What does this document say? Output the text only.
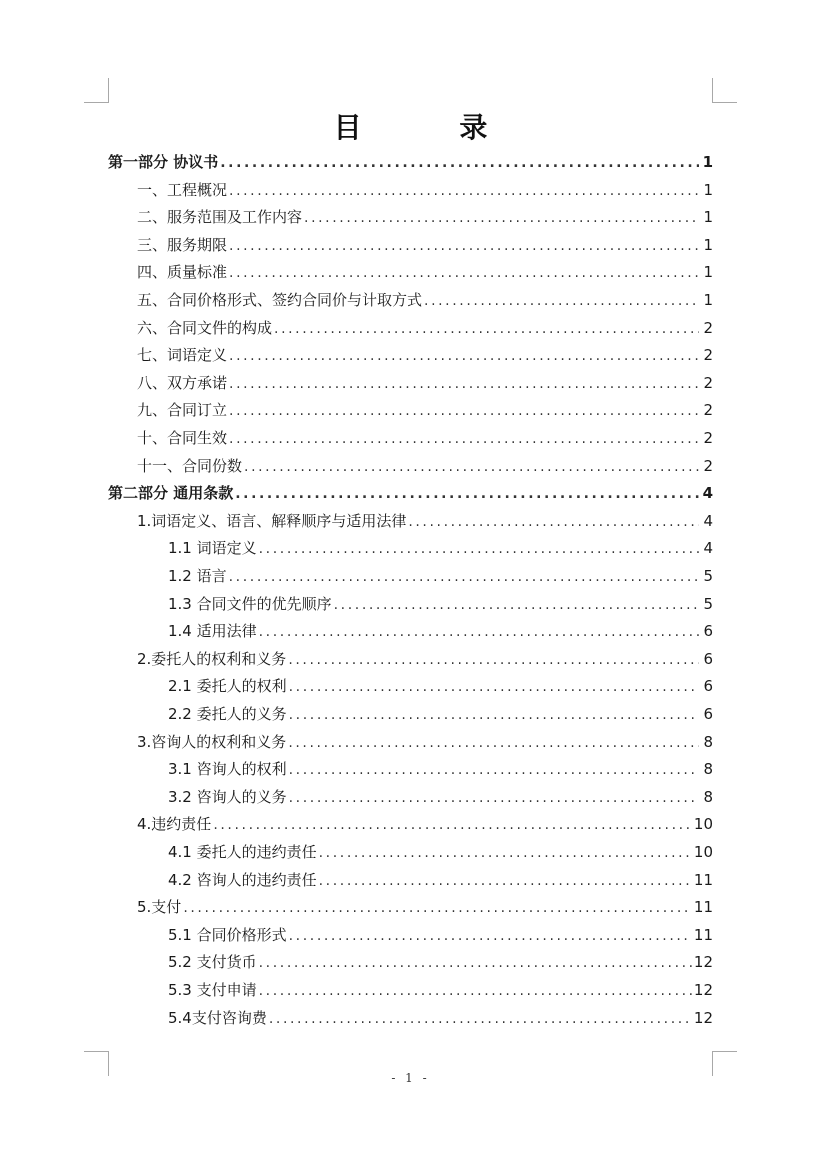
目 录
第一部分 协议书 .....	1
一、工程概况 .....	1
二、服务范围及工作内容 .....	1
三、服务期限 .....	1
四、质量标准 .....	1
五、合同价格形式、签约合同价与计取方式 .....	1
六、合同文件的构成 .....	2
七、词语定义 .....	2
八、双方承诺 .....	2
九、合同订立 .....	2
十、合同生效 .....	2
十一、合同份数 .....	2
第二部分 通用条款 .....	4
1.词语定义、语言、解释顺序与适用法律 .....	4
1.1 词语定义 .....	4
1.2 语言 .....	5
1.3 合同文件的优先顺序 .....	5
1.4 适用法律 .....	6
2.委托人的权利和义务 .....	6
2.1 委托人的权利 .....	6
2.2 委托人的义务 .....	6
3.咨询人的权利和义务 .....	8
3.1 咨询人的权利 .....	8
3.2 咨询人的义务 .....	8
4.违约责任 .....	10
4.1 委托人的违约责任 .....	10
4.2 咨询人的违约责任 .....	11
5.支付 .....	11
5.1 合同价格形式 .....	11
5.2 支付货币 .....	12
5.3 支付申请 .....	12
5.4支付咨询费 .....	12
- 1 -
